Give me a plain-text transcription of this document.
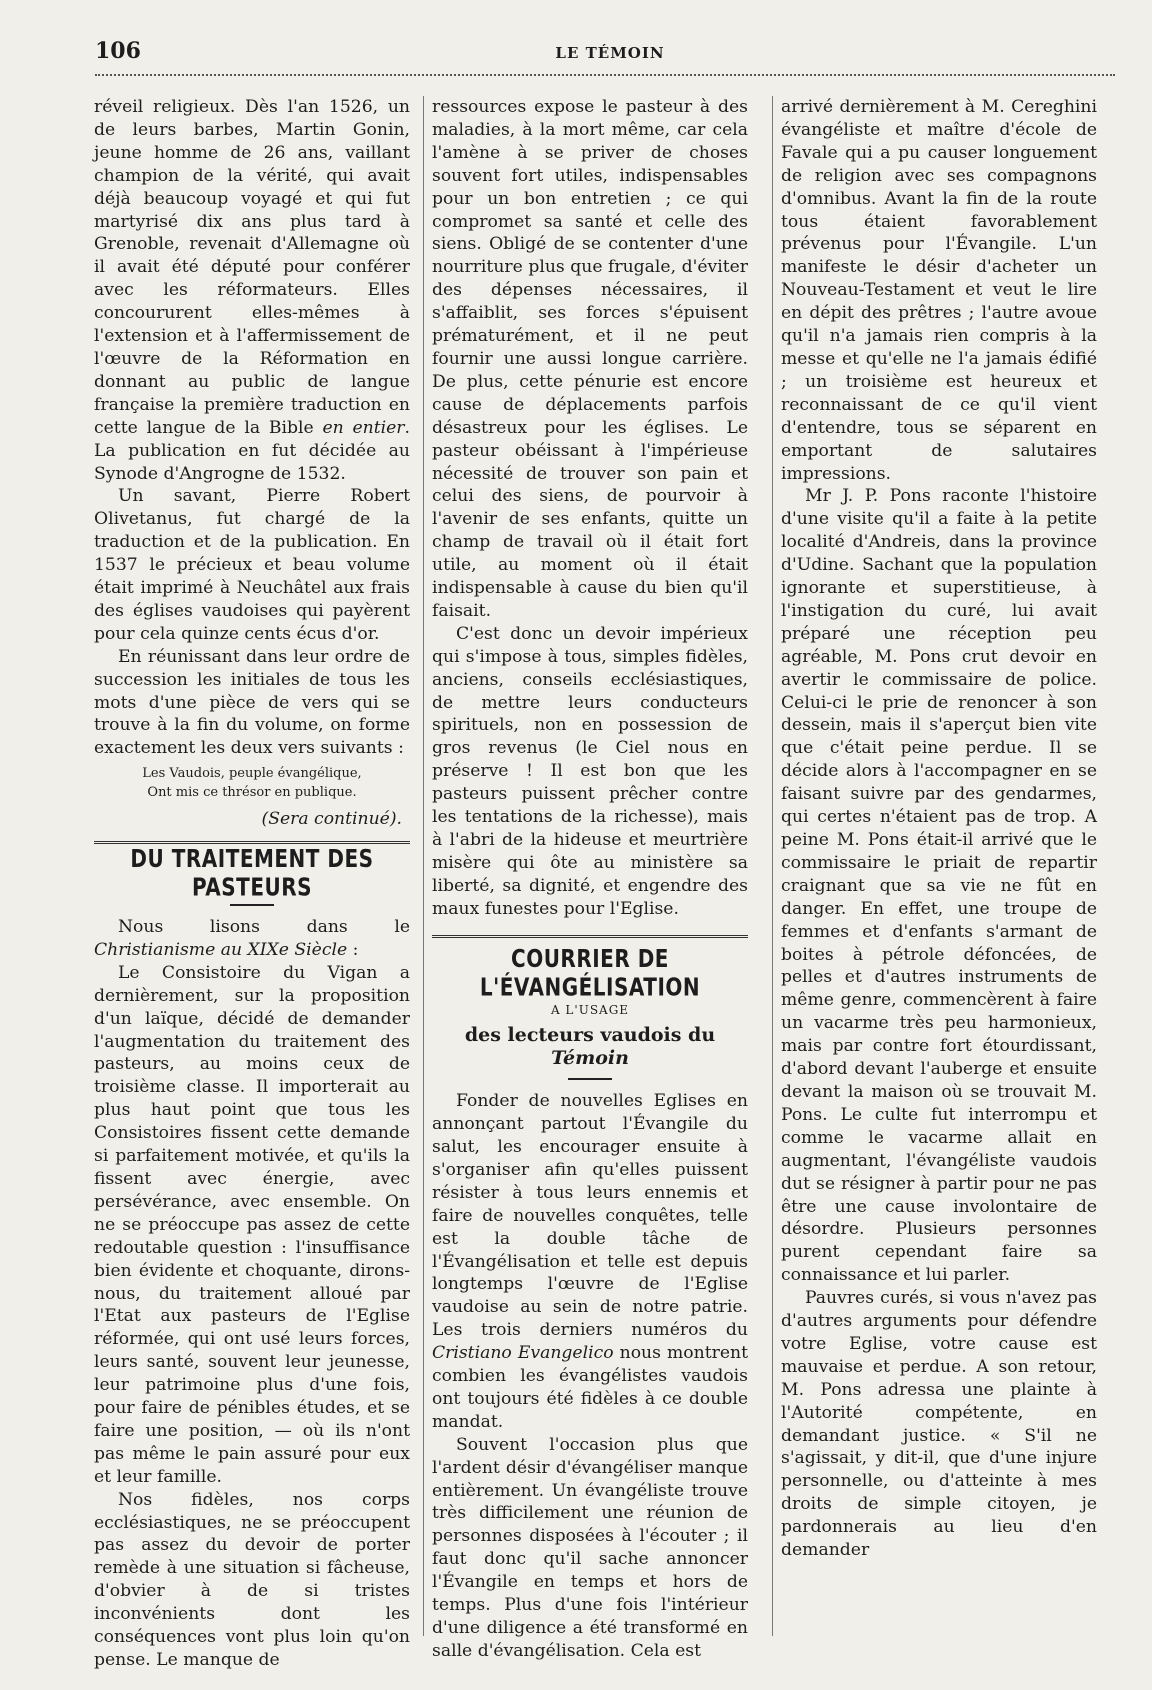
106	LE TÉMOIN

réveil religieux. Dès l'an 1526, un de leurs barbes, Martin Gonin, jeune homme de 26 ans, vaillant champion de la vérité, qui avait déjà beaucoup voyagé et qui fut martyrisé dix ans plus tard à Grenoble, revenait d'Allemagne où il avait été député pour conférer avec les réformateurs. Elles concoururent elles-mêmes à l'extension et à l'affermissement de l'œuvre de la Réformation en donnant au public de langue française la première traduction en cette langue de la Bible en entier. La publication en fut décidée au Synode d'Angrogne de 1532.

Un savant, Pierre Robert Olivetanus, fut chargé de la traduction et de la publication. En 1537 le précieux et beau volume était imprimé à Neuchâtel aux frais des églises vaudoises qui payèrent pour cela quinze cents écus d'or.

En réunissant dans leur ordre de succession les initiales de tous les mots d'une pièce de vers qui se trouve à la fin du volume, on forme exactement les deux vers suivants :

Les Vaudois, peuple évangélique,
Ont mis ce thrésor en publique.
(Sera continué).
DU TRAITEMENT DES PASTEURS

Nous lisons dans le Christianisme au XIXe Siècle :

Le Consistoire du Vigan a dernièrement, sur la proposition d'un laïque, décidé de demander l'augmentation du traitement des pasteurs, au moins ceux de troisième classe. Il importerait au plus haut point que tous les Consistoires fissent cette demande si parfaitement motivée, et qu'ils la fissent avec énergie, avec persévérance, avec ensemble. On ne se préoccupe pas assez de cette redoutable question : l'insuffisance bien évidente et choquante, dirons-nous, du traitement alloué par l'Etat aux pasteurs de l'Eglise réformée, qui ont usé leurs forces, leurs santé, souvent leur jeunesse, leur patrimoine plus d'une fois, pour faire de pénibles études, et se faire une position, — où ils n'ont pas même le pain assuré pour eux et leur famille.

Nos fidèles, nos corps ecclésiastiques, ne se préoccupent pas assez du devoir de porter remède à une situation si fâcheuse, d'obvier à de si tristes inconvénients dont les conséquences vont plus loin qu'on pense. Le manque de

ressources expose le pasteur à des maladies, à la mort même, car cela l'amène à se priver de choses souvent fort utiles, indispensables pour un bon entretien ; ce qui compromet sa santé et celle des siens. Obligé de se contenter d'une nourriture plus que frugale, d'éviter des dépenses nécessaires, il s'affaiblit, ses forces s'épuisent prématurément, et il ne peut fournir une aussi longue carrière. De plus, cette pénurie est encore cause de déplacements parfois désastreux pour les églises. Le pasteur obéissant à l'impérieuse nécessité de trouver son pain et celui des siens, de pourvoir à l'avenir de ses enfants, quitte un champ de travail où il était fort utile, au moment où il était indispensable à cause du bien qu'il faisait.

C'est donc un devoir impérieux qui s'impose à tous, simples fidèles, anciens, conseils ecclésiastiques, de mettre leurs conducteurs spirituels, non en possession de gros revenus (le Ciel nous en préserve ! Il est bon que les pasteurs puissent prêcher contre les tentations de la richesse), mais à l'abri de la hideuse et meurtrière misère qui ôte au ministère sa liberté, sa dignité, et engendre des maux funestes pour l'Eglise.

COURRIER DE L'ÉVANGÉLISATION

A L'USAGE

des lecteurs vaudois du Témoin

Fonder de nouvelles Eglises en annonçant partout l'Évangile du salut, les encourager ensuite à s'organiser afin qu'elles puissent résister à tous leurs ennemis et faire de nouvelles conquêtes, telle est la double tâche de l'Évangélisation et telle est depuis longtemps l'œuvre de l'Eglise vaudoise au sein de notre patrie. Les trois derniers numéros du Cristiano Evangelico nous montrent combien les évangélistes vaudois ont toujours été fidèles à ce double mandat.

Souvent l'occasion plus que l'ardent désir d'évangéliser manque entièrement. Un évangéliste trouve très difficilement une réunion de personnes disposées à l'écouter ; il faut donc qu'il sache annoncer l'Évangile en temps et hors de temps. Plus d'une fois l'intérieur d'une diligence a été transformé en salle d'évangélisation. Cela est

arrivé dernièrement à M. Cereghini évangéliste et maître d'école de Favale qui a pu causer longuement de religion avec ses compagnons d'omnibus. Avant la fin de la route tous étaient favorablement prévenus pour l'Évangile. L'un manifeste le désir d'acheter un Nouveau-Testament et veut le lire en dépit des prêtres ; l'autre avoue qu'il n'a jamais rien compris à la messe et qu'elle ne l'a jamais édifié ; un troisième est heureux et reconnaissant de ce qu'il vient d'entendre, tous se séparent en emportant de salutaires impressions.

Mr J. P. Pons raconte l'histoire d'une visite qu'il a faite à la petite localité d'Andreis, dans la province d'Udine. Sachant que la population ignorante et superstitieuse, à l'instigation du curé, lui avait préparé une réception peu agréable, M. Pons crut devoir en avertir le commissaire de police. Celui-ci le prie de renoncer à son dessein, mais il s'aperçut bien vite que c'était peine perdue. Il se décide alors à l'accompagner en se faisant suivre par des gendarmes, qui certes n'étaient pas de trop. A peine M. Pons était-il arrivé que le commissaire le priait de repartir craignant que sa vie ne fût en danger. En effet, une troupe de femmes et d'enfants s'armant de boites à pétrole défoncées, de pelles et d'autres instruments de même genre, commencèrent à faire un vacarme très peu harmonieux, mais par contre fort étourdissant, d'abord devant l'auberge et ensuite devant la maison où se trouvait M. Pons. Le culte fut interrompu et comme le vacarme allait en augmentant, l'évangéliste vaudois dut se résigner à partir pour ne pas être une cause involontaire de désordre. Plusieurs personnes purent cependant faire sa connaissance et lui parler.

Pauvres curés, si vous n'avez pas d'autres arguments pour défendre votre Eglise, votre cause est mauvaise et perdue. A son retour, M. Pons adressa une plainte à l'Autorité compétente, en demandant justice. « S'il ne s'agissait, y dit-il, que d'une injure personnelle, ou d'atteinte à mes droits de simple citoyen, je pardonnerais au lieu d'en demander
